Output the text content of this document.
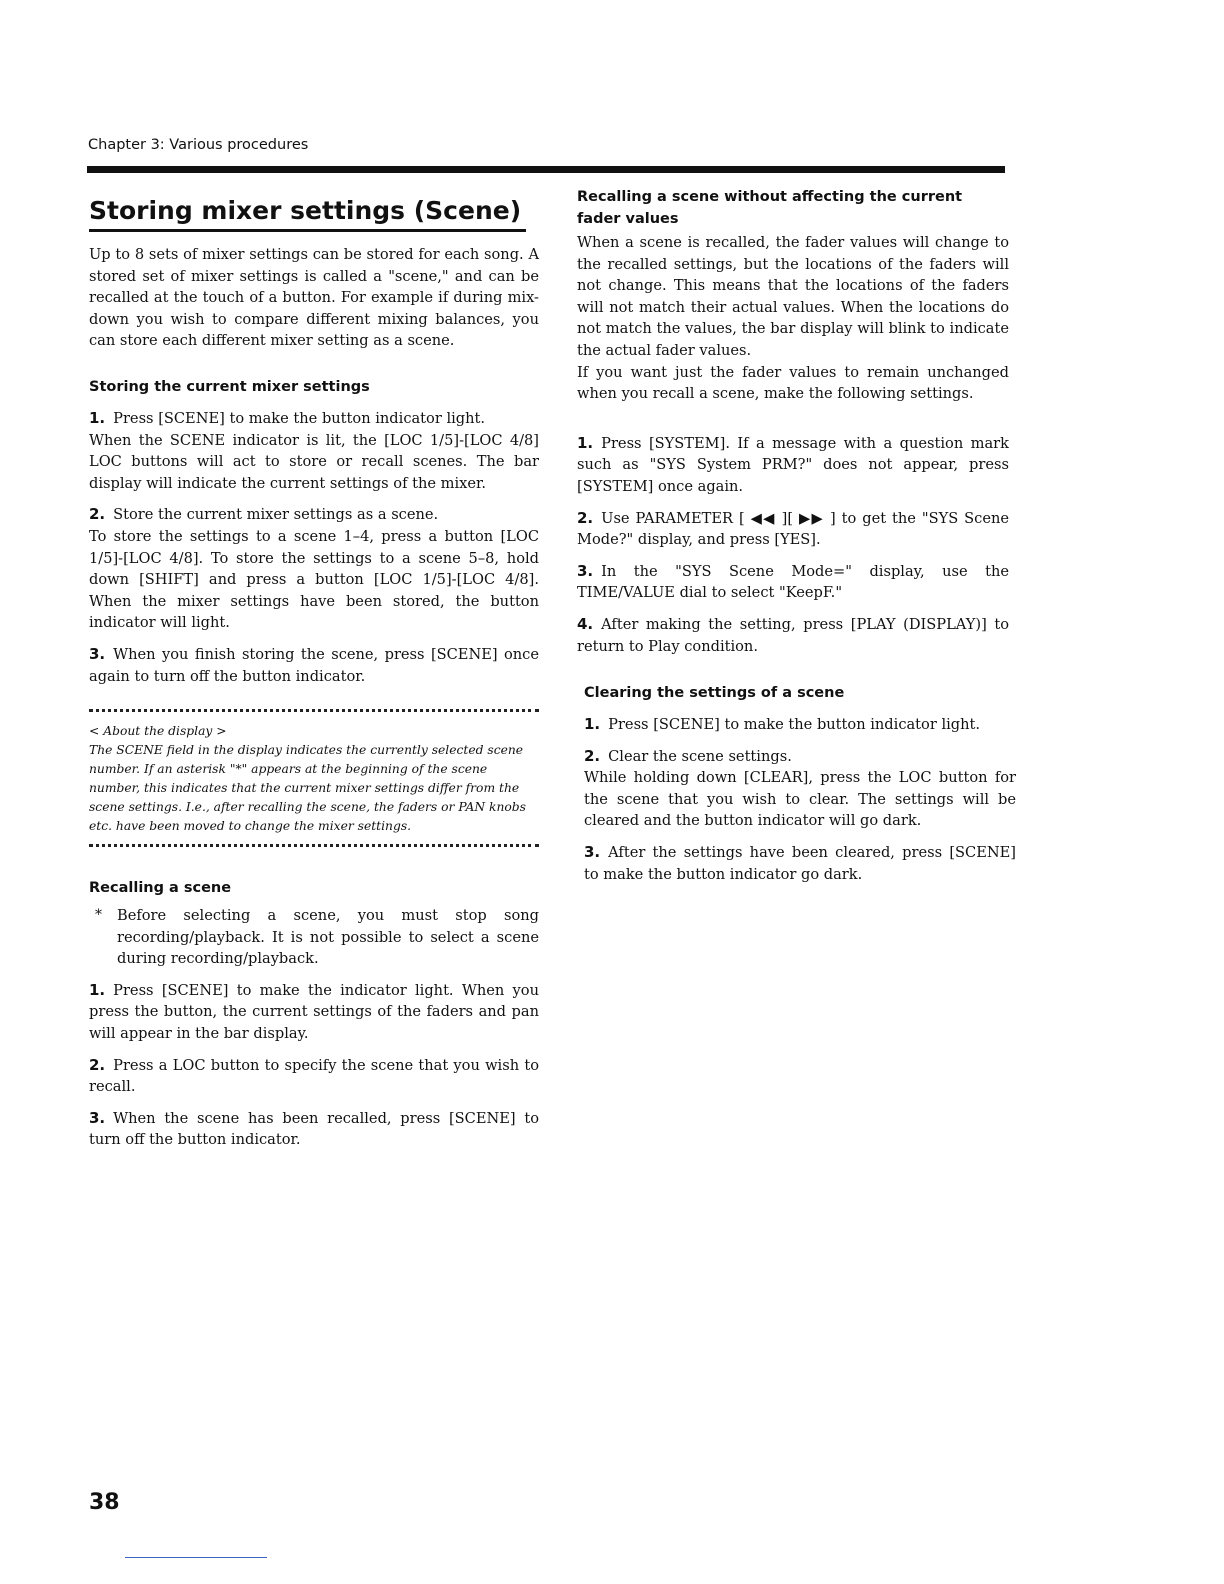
Chapter 3: Various procedures
Storing mixer settings (Scene)

Up to 8 sets of mixer settings can be stored for each song. A stored set of mixer settings is called a "scene," and can be recalled at the touch of a button. For example if during mix-down you wish to compare different mixing balances, you can store each different mixer setting as a scene.

Storing the current mixer settings

1. Press [SCENE] to make the button indicator light.

When the SCENE indicator is lit, the [LOC 1/5]-[LOC 4/8] LOC buttons will act to store or recall scenes. The bar display will indicate the current settings of the mixer.

2. Store the current mixer settings as a scene.

To store the settings to a scene 1–4, press a button [LOC 1/5]-[LOC 4/8]. To store the settings to a scene 5–8, hold down [SHIFT] and press a button [LOC 1/5]-[LOC 4/8]. When the mixer settings have been stored, the button indicator will light.

3. When you finish storing the scene, press [SCENE] once again to turn off the button indicator.

< About the display >

The SCENE field in the display indicates the currently selected scene number. If an asterisk "*" appears at the beginning of the scene number, this indicates that the current mixer settings differ from the scene settings. I.e., after recalling the scene, the faders or PAN knobs etc. have been moved to change the mixer settings.

Recalling a scene
*	Before selecting a scene, you must stop song recording/playback. It is not possible to select a scene during recording/playback.

1. Press [SCENE] to make the indicator light. When you press the button, the current settings of the faders and pan will appear in the bar display.

2. Press a LOC button to specify the scene that you wish to recall.

3. When the scene has been recalled, press [SCENE] to turn off the button indicator.

Recalling a scene without affecting the current fader values

When a scene is recalled, the fader values will change to the recalled settings, but the locations of the faders will not change. This means that the locations of the faders will not match their actual values. When the locations do not match the values, the bar display will blink to indicate the actual fader values.

If you want just the fader values to remain unchanged when you recall a scene, make the following settings.

1. Press [SYSTEM]. If a message with a question mark such as "SYS System PRM?" does not appear, press [SYSTEM] once again.

2. Use PARAMETER [ ◀◀ ][ ▶▶ ] to get the "SYS Scene Mode?" display, and press [YES].

3. In the "SYS Scene Mode=" display, use the TIME/VALUE dial to select "KeepF."

4. After making the setting, press [PLAY (DISPLAY)] to return to Play condition.

Clearing the settings of a scene

1. Press [SCENE] to make the button indicator light.

2. Clear the scene settings.

While holding down [CLEAR], press the LOC button for the scene that you wish to clear. The settings will be cleared and the button indicator will go dark.

3. After the settings have been cleared, press [SCENE] to make the button indicator go dark.

38
